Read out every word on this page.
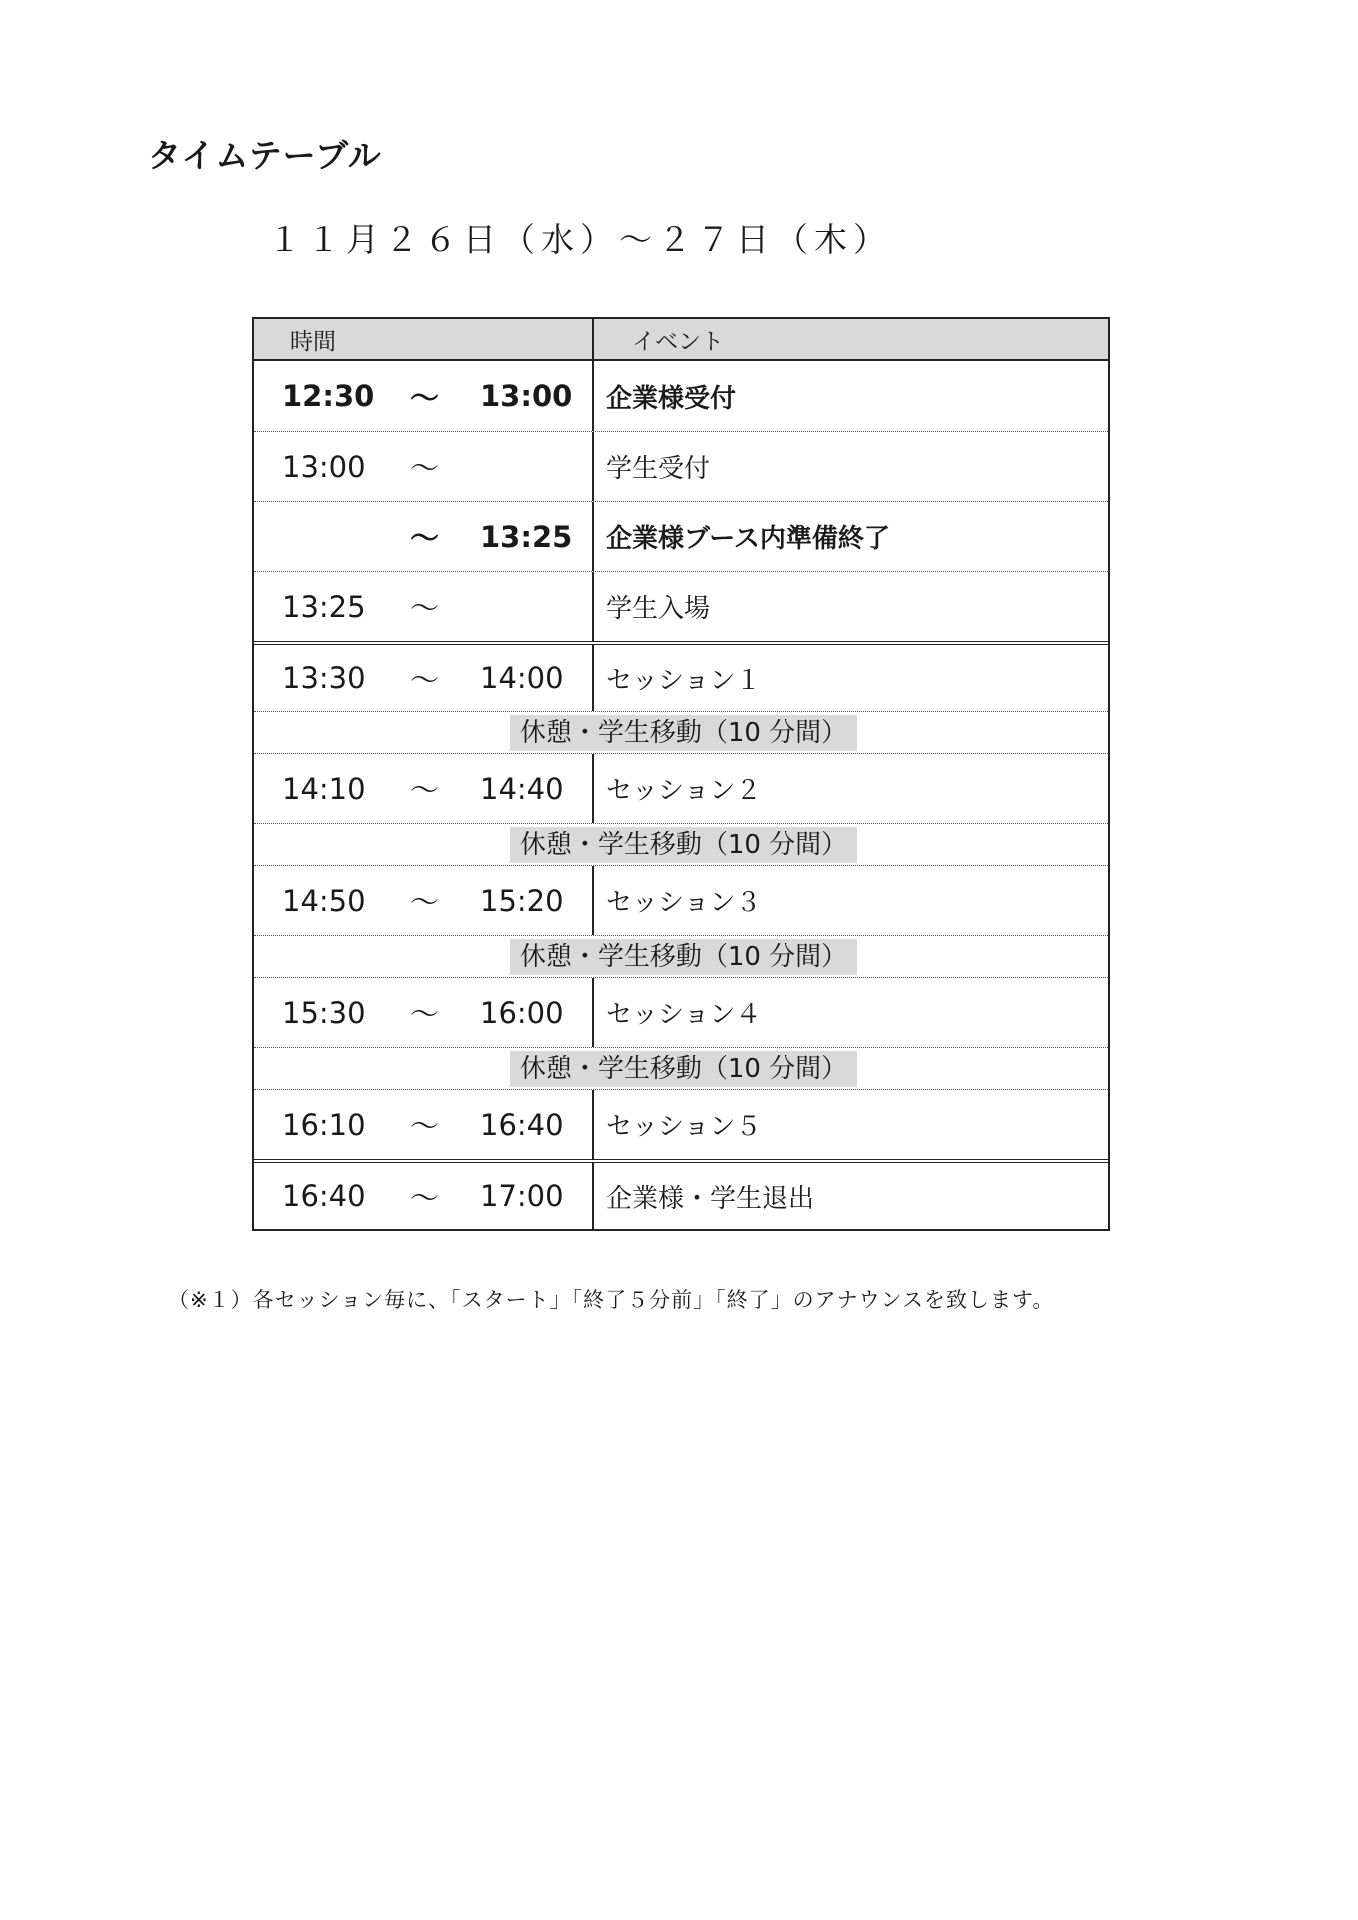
タイムテーブル
１１月２６日（水）～２７日（木）
時間	イベント
12:30 ～ 13:00	企業様受付
13:00 ～	学生受付
～ 13:25	企業様ブース内準備終了
13:25 ～	学生入場
13:30 ～ 14:00	セッション１
休憩・学生移動（10 分間）
14:10 ～ 14:40	セッション２
休憩・学生移動（10 分間）
14:50 ～ 15:20	セッション３
休憩・学生移動（10 分間）
15:30 ～ 16:00	セッション４
休憩・学生移動（10 分間）
16:10 ～ 16:40	セッション５
16:40 ～ 17:00	企業様・学生退出
（※１）各セッション毎に、「スタート」「終了５分前」「終了」のアナウンスを致します。
